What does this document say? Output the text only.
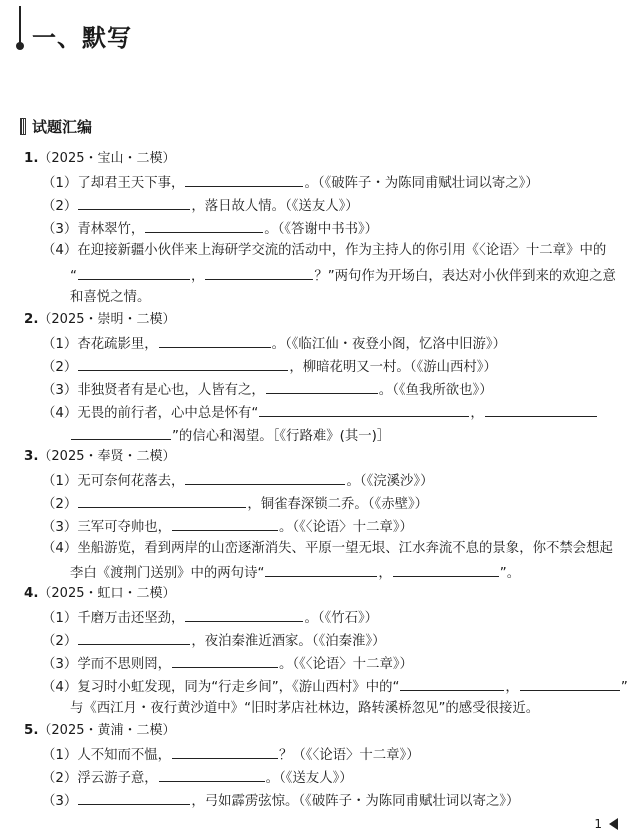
一、默写
试题汇编
1.（2025・宝山・二模）
（1）了却君王天下事，	。（《破阵子・为陈同甫赋壮词以寄之》）
（2）	，落日故人情。（《送友人》）
（3）青林翠竹，	。（《答谢中书书》）
（4）在迎接新疆小伙伴来上海研学交流的活动中，作为主持人的你引用《〈论语〉十二章》中的
“	，	？”两句作为开场白，表达对小伙伴到来的欢迎之意
和喜悦之情。
2.（2025・崇明・二模）
（1）杏花疏影里，	。（《临江仙・夜登小阁，忆洛中旧游》）
（2）	，柳暗花明又一村。（《游山西村》）
（3）非独贤者有是心也，人皆有之，	。（《鱼我所欲也》）
（4）无畏的前行者，心中总是怀有“	，
”的信心和渴望。［《行路难》(其一)］
3.（2025・奉贤・二模）
（1）无可奈何花落去，	。（《浣溪沙》）
（2）	，铜雀春深锁二乔。（《赤壁》）
（3）三军可夺帅也，	。（《〈论语〉十二章》）
（4）坐船游览，看到两岸的山峦逐渐消失、平原一望无垠、江水奔流不息的景象，你不禁会想起
李白《渡荆门送别》中的两句诗“	，	”。
4.（2025・虹口・二模）
（1）千磨万击还坚劲，	。（《竹石》）
（2）	，夜泊秦淮近酒家。（《泊秦淮》）
（3）学而不思则罔，	。（《〈论语〉十二章》）
（4）复习时小虹发现，同为“行走乡间”，《游山西村》中的“	，	”
与《西江月・夜行黄沙道中》“旧时茅店社林边，路转溪桥忽见”的感受很接近。
5.（2025・黄浦・二模）
（1）人不知而不愠，	？（《〈论语〉十二章》）
（2）浮云游子意，	。（《送友人》）
（3）	，弓如霹雳弦惊。（《破阵子・为陈同甫赋壮词以寄之》）
1
